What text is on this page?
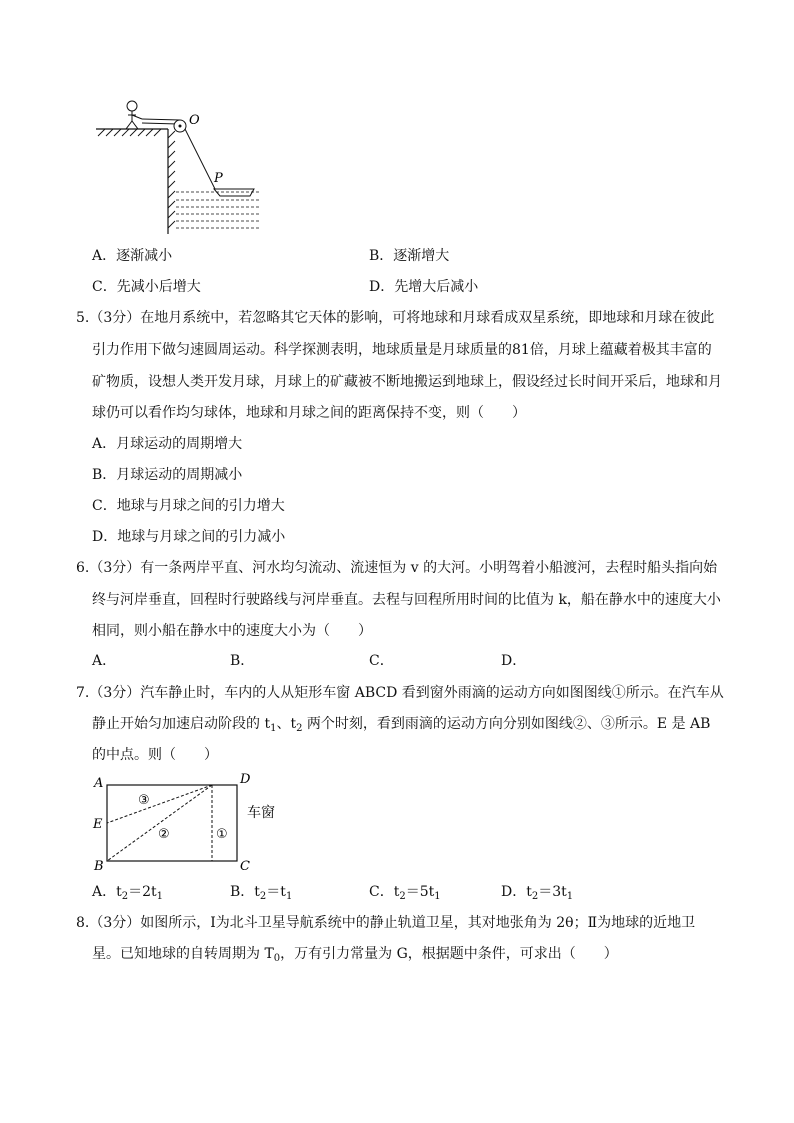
O
P
A．逐渐减小	B．逐渐增大
C．先减小后增大	D．先增大后减小
5.（3分）在地月系统中，若忽略其它天体的影响，可将地球和月球看成双星系统，即地球和月球在彼此
引力作用下做匀速圆周运动。科学探测表明，地球质量是月球质量的81倍，月球上蕴藏着极其丰富的
矿物质，设想人类开发月球，月球上的矿藏被不断地搬运到地球上，假设经过长时间开采后，地球和月
球仍可以看作均匀球体，地球和月球之间的距离保持不变，则（　　）
A．月球运动的周期增大
B．月球运动的周期减小
C．地球与月球之间的引力增大
D．地球与月球之间的引力减小
6.（3分）有一条两岸平直、河水均匀流动、流速恒为 v 的大河。小明驾着小船渡河，去程时船头指向始
终与河岸垂直，回程时行驶路线与河岸垂直。去程与回程所用时间的比值为 k，船在静水中的速度大小
相同，则小船在静水中的速度大小为（　　）
A．	B．	C．	D．
7.（3分）汽车静止时，车内的人从矩形车窗 ABCD 看到窗外雨滴的运动方向如图图线①所示。在汽车从
静止开始匀加速启动阶段的 $t_1$、$t_2$ 两个时刻，看到雨滴的运动方向分别如图线②、③所示。E 是 AB
的中点。则（　　）
A	D
E
B	C
①
②
③
车窗
A．$t_2=2t_1$	B．$t_2=t_1$	C．$t_2=5t_1$	D．$t_2=3t_1$
8.（3分）如图所示，Ⅰ为北斗卫星导航系统中的静止轨道卫星，其对地张角为 2θ；Ⅱ为地球的近地卫
星。已知地球的自转周期为 $T_0$，万有引力常量为 G，根据题中条件，可求出（　　）
